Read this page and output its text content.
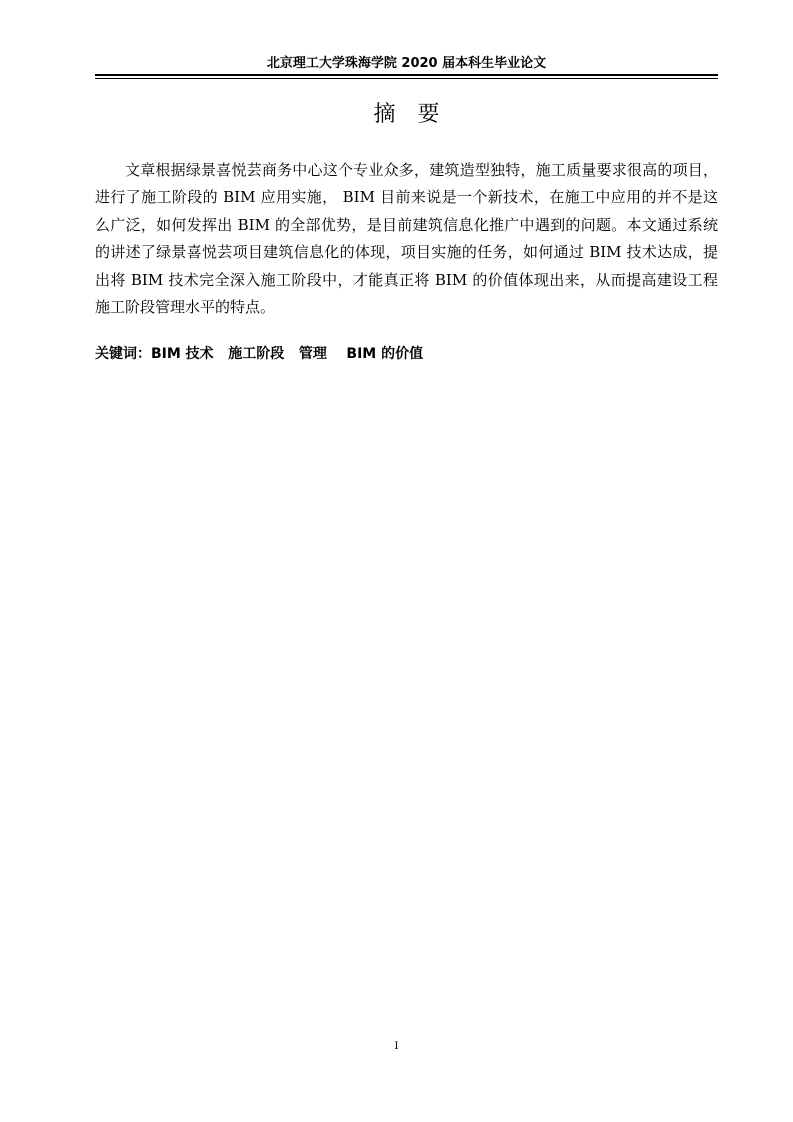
北京理工大学珠海学院 2020 届本科生毕业论文
摘要

文章根据绿景喜悦芸商务中心这个专业众多，建筑造型独特，施工质量要求很高的项目，进行了施工阶段的 BIM 应用实施， BIM 目前来说是一个新技术，在施工中应用的并不是这么广泛，如何发挥出 BIM 的全部优势，是目前建筑信息化推广中遇到的问题。本文通过系统的讲述了绿景喜悦芸项目建筑信息化的体现，项目实施的任务，如何通过 BIM 技术达成，提出将 BIM 技术完全深入施工阶段中，才能真正将 BIM 的价值体现出来，从而提高建设工程施工阶段管理水平的特点。

关键词：BIM 技术   施工阶段   管理    BIM 的价值
I
